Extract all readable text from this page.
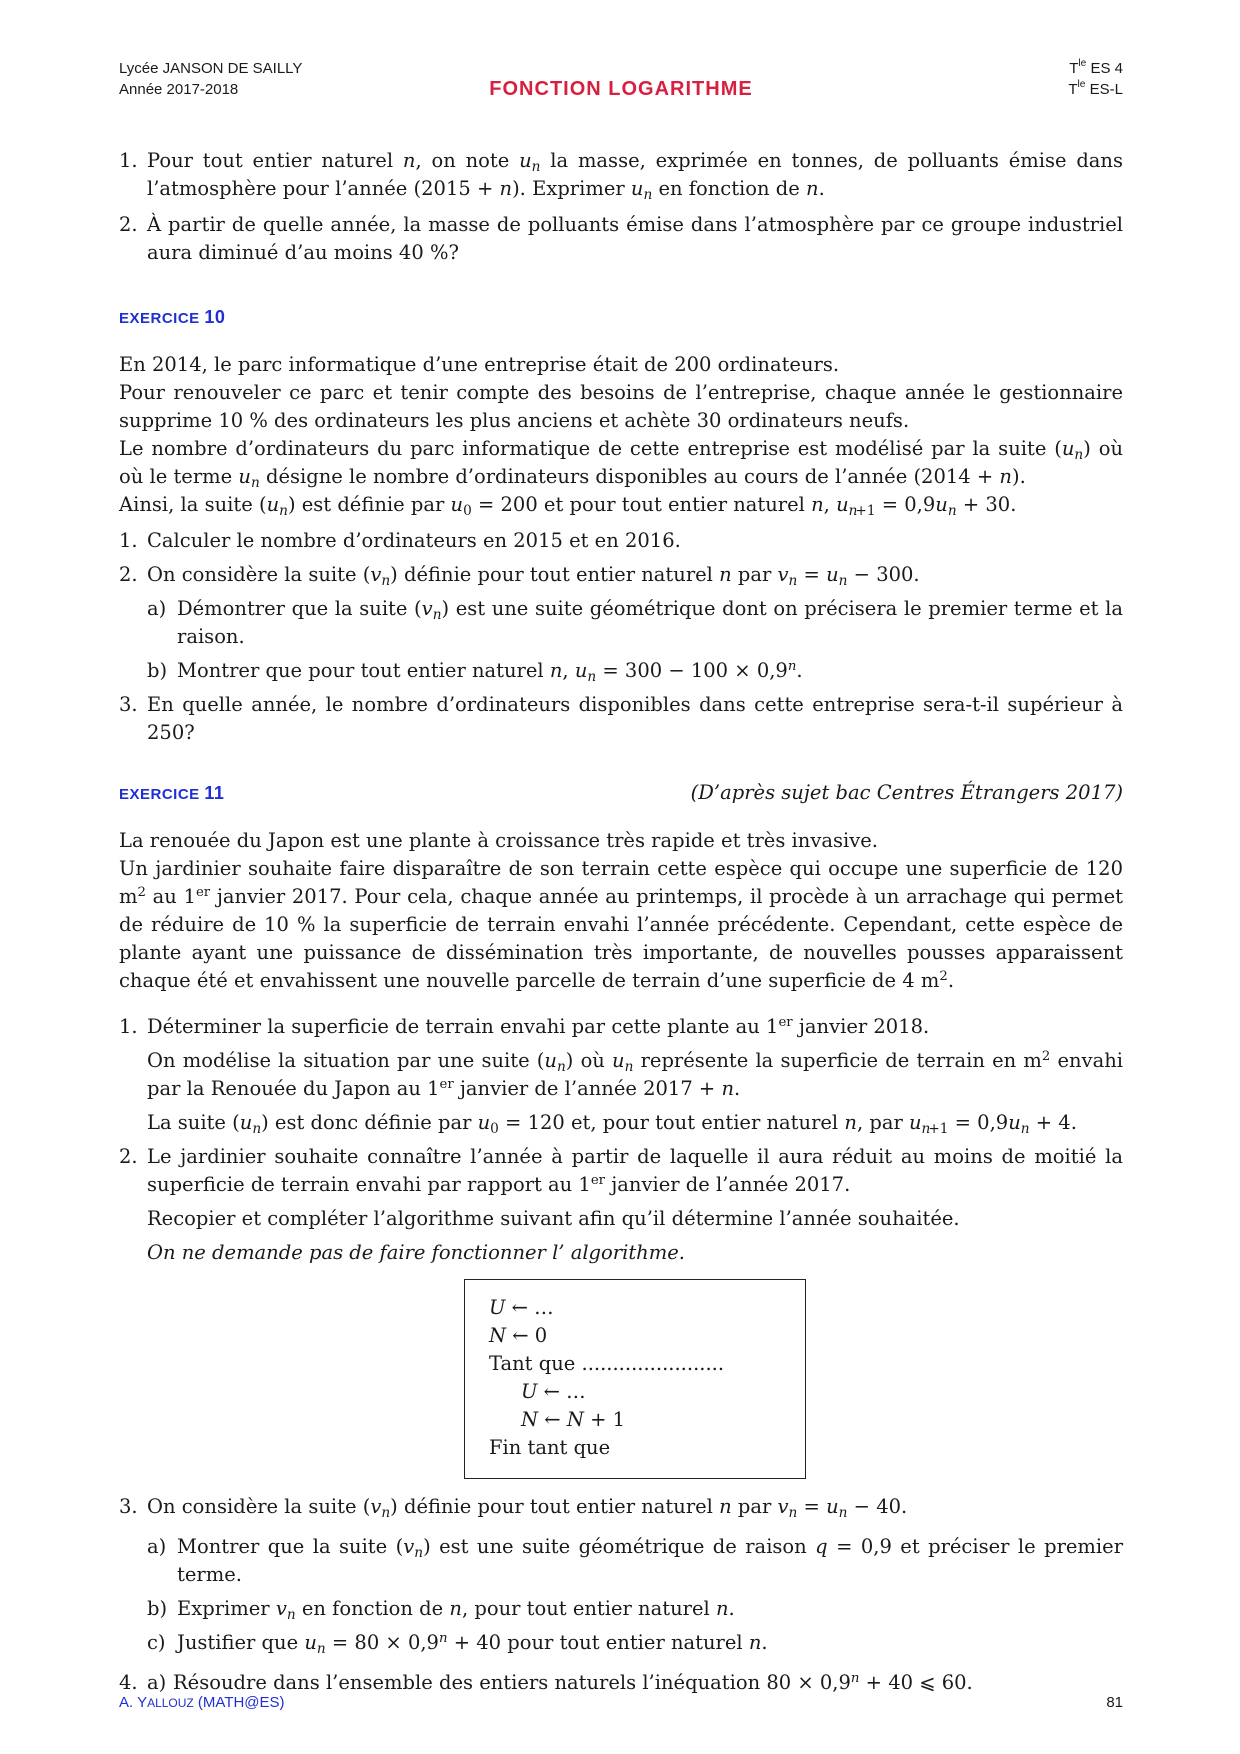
Lycée JANSON DE SAILLY
Année 2017-2018	FONCTION LOGARITHME
$T^{le}$ ES 4
$T^{le}$ ES-L
1. Pour tout entier naturel n, on note $u_n$ la masse, exprimée en tonnes, de polluants émise dans l’atmosphère pour l’année (2015 + n). Exprimer $u_n$ en fonction de n.
2. À partir de quelle année, la masse de polluants émise dans l’atmosphère par ce groupe industriel aura diminué d’au moins 40 %?
EXERCICE 10

En 2014, le parc informatique d’une entreprise était de 200 ordinateurs.

Pour renouveler ce parc et tenir compte des besoins de l’entreprise, chaque année le gestionnaire supprime 10 % des ordinateurs les plus anciens et achète 30 ordinateurs neufs.

Le nombre d’ordinateurs du parc informatique de cette entreprise est modélisé par la suite $(u_n)$ où où le terme $u_n$ désigne le nombre d’ordinateurs disponibles au cours de l’année (2014 + n).

Ainsi, la suite $(u_n)$ est définie par $u_0 = 200$ et pour tout entier naturel n, $u_{n+1} = 0,9u_n + 30$.

1. Calculer le nombre d’ordinateurs en 2015 et en 2016.
2. On considère la suite $(v_n)$ définie pour tout entier naturel n par $v_n = u_n - 300$.
a) Démontrer que la suite $(v_n)$ est une suite géométrique dont on précisera le premier terme et la raison.
b) Montrer que pour tout entier naturel n, $u_n = 300 - 100 \times 0,9^n$.
3. En quelle année, le nombre d’ordinateurs disponibles dans cette entreprise sera-t-il supérieur à 250?
EXERCICE 11	(D’après sujet bac Centres Étrangers 2017)

La renouée du Japon est une plante à croissance très rapide et très invasive.

Un jardinier souhaite faire disparaître de son terrain cette espèce qui occupe une superficie de 120 $m^2$ au 1er janvier 2017. Pour cela, chaque année au printemps, il procède à un arrachage qui permet de réduire de 10 % la superficie de terrain envahi l’année précédente. Cependant, cette espèce de plante ayant une puissance de dissémination très importante, de nouvelles pousses apparaissent chaque été et envahissent une nouvelle parcelle de terrain d’une superficie de 4 $m^2$.

1. Déterminer la superficie de terrain envahi par cette plante au 1er janvier 2018.
On modélise la situation par une suite $(u_n)$ où $u_n$ représente la superficie de terrain en $m^2$ envahi par la Renouée du Japon au 1er janvier de l’année 2017 + n.
La suite $(u_n)$ est donc définie par $u_0 = 120$ et, pour tout entier naturel n, par $u_{n+1} = 0,9u_n + 4$.
2. Le jardinier souhaite connaître l’année à partir de laquelle il aura réduit au moins de moitié la superficie de terrain envahi par rapport au 1er janvier de l’année 2017.
Recopier et compléter l’algorithme suivant afin qu’il détermine l’année souhaitée.
On ne demande pas de faire fonctionner l’ algorithme.
U ← …
N ← 0
Tant que .......................
U ← …
N ← N + 1
Fin tant que
3. On considère la suite $(v_n)$ définie pour tout entier naturel n par $v_n = u_n - 40$.
a) Montrer que la suite $(v_n)$ est une suite géométrique de raison q = 0,9 et préciser le premier terme.
b) Exprimer $v_n$ en fonction de n, pour tout entier naturel n.
c) Justifier que $u_n = 80 \times 0,9^n + 40$ pour tout entier naturel n.
4. a) Résoudre dans l’ensemble des entiers naturels l’inéquation $80 \times 0,9^n + 40$ ⩽ 60.
A. YALLOUZ (MATH@ES)	81
